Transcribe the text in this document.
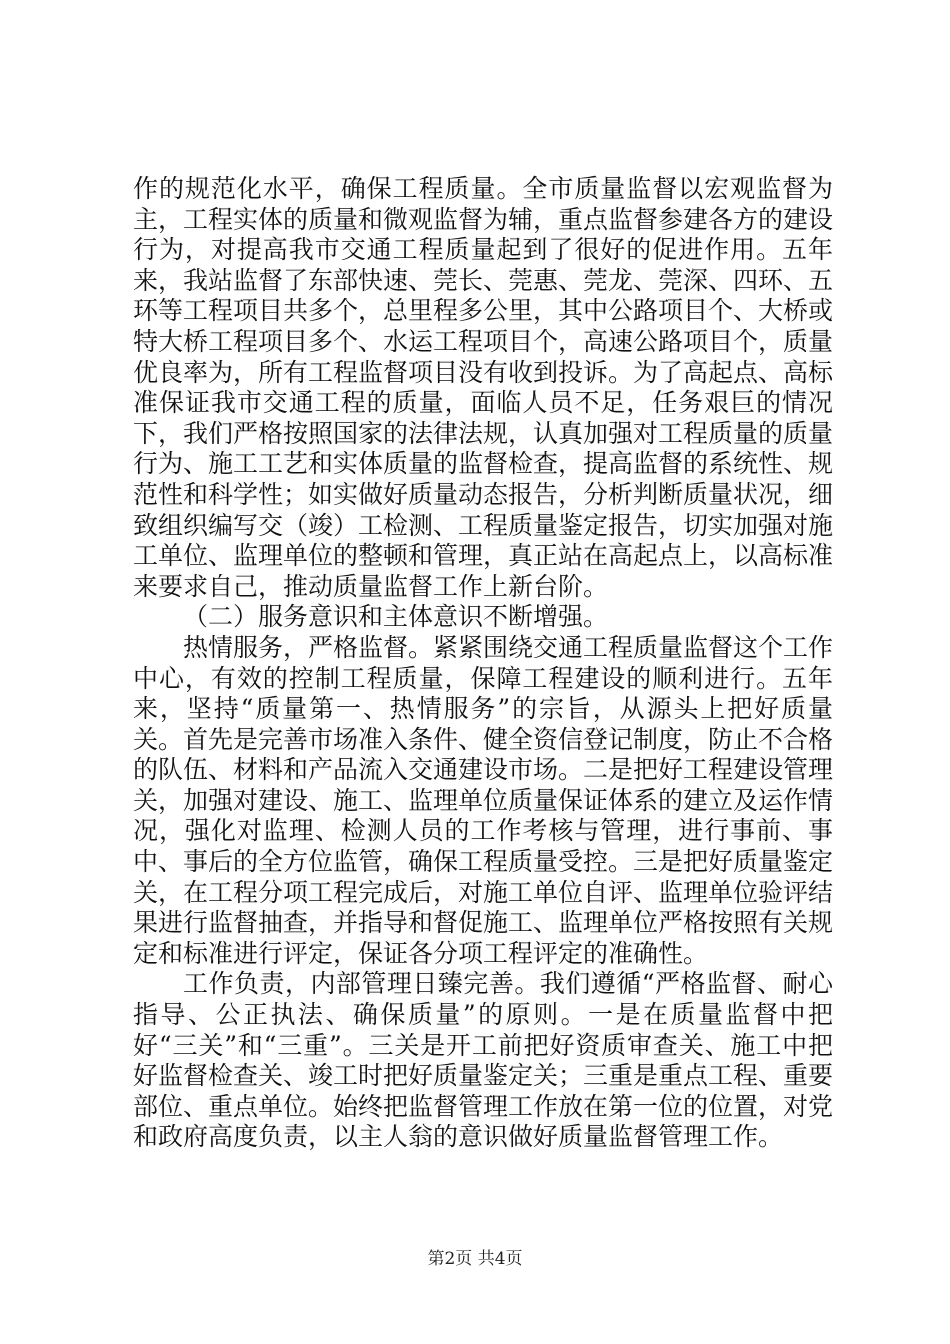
作的规范化水平，确保工程质量。全市质量监督以宏观监督为主，工程实体的质量和微观监督为辅，重点监督参建各方的建设行为，对提高我市交通工程质量起到了很好的促进作用。五年来，我站监督了东部快速、莞长、莞惠、莞龙、莞深、四环、五环等工程项目共多个，总里程多公里，其中公路项目个、大桥或特大桥工程项目多个、水运工程项目个，高速公路项目个，质量优良率为，所有工程监督项目没有收到投诉。为了高起点、高标准保证我市交通工程的质量，面临人员不足，任务艰巨的情况下，我们严格按照国家的法律法规，认真加强对工程质量的质量行为、施工工艺和实体质量的监督检查，提高监督的系统性、规范性和科学性；如实做好质量动态报告，分析判断质量状况，细致组织编写交（竣）工检测、工程质量鉴定报告，切实加强对施工单位、监理单位的整顿和管理，真正站在高起点上，以高标准来要求自己，推动质量监督工作上新台阶。

（二）服务意识和主体意识不断增强。

热情服务，严格监督。紧紧围绕交通工程质量监督这个工作中心，有效的控制工程质量，保障工程建设的顺利进行。五年来，坚持“质量第一、热情服务”的宗旨，从源头上把好质量关。首先是完善市场准入条件、健全资信登记制度，防止不合格的队伍、材料和产品流入交通建设市场。二是把好工程建设管理关，加强对建设、施工、监理单位质量保证体系的建立及运作情况，强化对监理、检测人员的工作考核与管理，进行事前、事中、事后的全方位监管，确保工程质量受控。三是把好质量鉴定关，在工程分项工程完成后，对施工单位自评、监理单位验评结果进行监督抽查，并指导和督促施工、监理单位严格按照有关规定和标准进行评定，保证各分项工程评定的准确性。

工作负责，内部管理日臻完善。我们遵循“严格监督、耐心指导、公正执法、确保质量”的原则。一是在质量监督中把好“三关”和“三重”。三关是开工前把好资质审查关、施工中把好监督检查关、竣工时把好质量鉴定关；三重是重点工程、重要部位、重点单位。始终把监督管理工作放在第一位的位置，对党和政府高度负责，以主人翁的意识做好质量监督管理工作。

第2页 共4页
